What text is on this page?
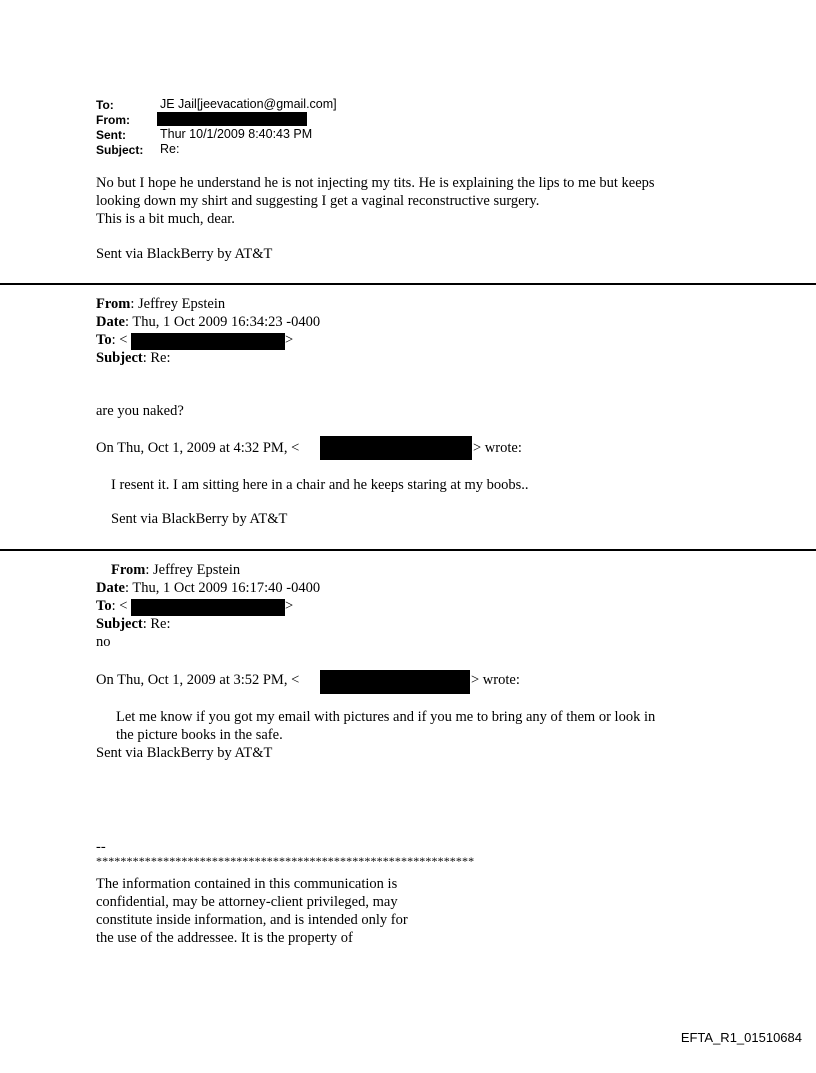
To:	JE Jail[jeevacation@gmail.com]
From:
Sent:	Thur 10/1/2009 8:40:43 PM
Subject: Re:
No but I hope he understand he is not injecting my tits. He is explaining the lips to me but keeps
looking down my shirt and suggesting I get a vaginal reconstructive surgery.
This is a bit much, dear.
Sent via BlackBerry by AT&T
From: Jeffrey Epstein
Date: Thu, 1 Oct 2009 16:34:23 -0400
To: <	>
Subject: Re:
are you naked?
On Thu, Oct 1, 2009 at 4:32 PM, <	> wrote:
I resent it. I am sitting here in a chair and he keeps staring at my boobs..
Sent via BlackBerry by AT&T
From: Jeffrey Epstein
Date: Thu, 1 Oct 2009 16:17:40 -0400
To: <	>
Subject: Re:
no
On Thu, Oct 1, 2009 at 3:52 PM, <	> wrote:
Let me know if you got my email with pictures and if you me to bring any of them or look in
the picture books in the safe.
Sent via BlackBerry by AT&T
--
**************************************************************
The information contained in this communication is
confidential, may be attorney-client privileged, may
constitute inside information, and is intended only for
the use of the addressee. It is the property of
EFTA_R1_01510684
